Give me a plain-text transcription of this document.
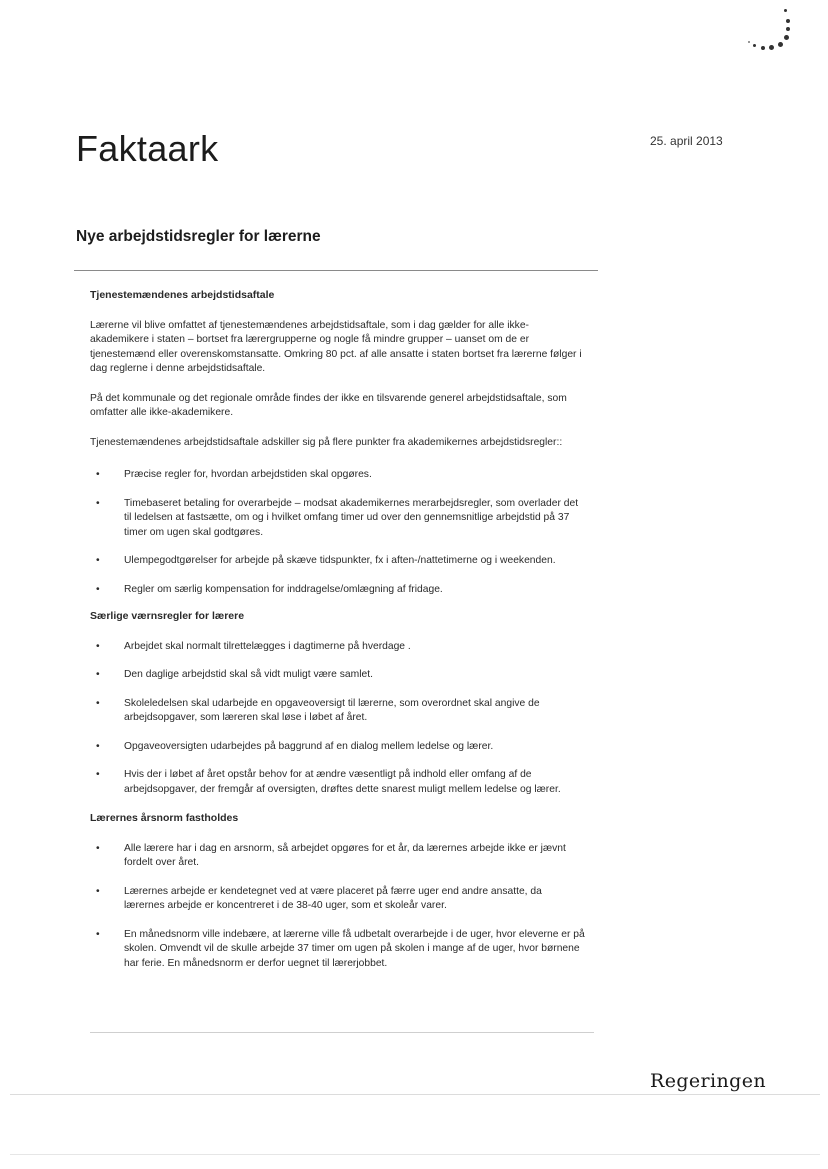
Faktaark	25. april 2013
Nye arbejdstidsregler for lærerne
Tjenestemændenes arbejdstidsaftale

Lærerne vil blive omfattet af tjenestemændenes arbejdstidsaftale, som i dag gælder for alle ikke-akademikere i staten – bortset fra lærergrupperne og nogle få mindre grupper – uanset om de er tjenestemænd eller overenskomstansatte. Omkring 80 pct. af alle ansatte i staten bortset fra lærerne følger i dag reglerne i denne arbejdstidsaftale.

På det kommunale og det regionale område findes der ikke en tilsvarende generel arbejdstidsaftale, som omfatter alle ikke-akademikere.

Tjenestemændenes arbejdstidsaftale adskiller sig på flere punkter fra akademikernes arbejdstidsregler::

• Præcise regler for, hvordan arbejdstiden skal opgøres.
• Timebaseret betaling for overarbejde – modsat akademikernes merarbejdsregler, som overlader det til ledelsen at fastsætte, om og i hvilket omfang timer ud over den gennemsnitlige arbejdstid på 37 timer om ugen skal godtgøres.
• Ulempegodtgørelser for arbejde på skæve tidspunkter, fx i aften-/nattetimerne og i weekenden.
• Regler om særlig kompensation for inddragelse/omlægning af fridage.
Særlige værnsregler for lærere
• Arbejdet skal normalt tilrettelægges i dagtimerne på hverdage .
• Den daglige arbejdstid skal så vidt muligt være samlet.
• Skoleledelsen skal udarbejde en opgaveoversigt til lærerne, som overordnet skal angive de arbejdsopgaver, som læreren skal løse i løbet af året.
• Opgaveoversigten udarbejdes på baggrund af en dialog mellem ledelse og lærer.
• Hvis der i løbet af året opstår behov for at ændre væsentligt på indhold eller omfang af de arbejdsopgaver, der fremgår af oversigten, drøftes dette snarest muligt mellem ledelse og lærer.
Lærernes årsnorm fastholdes
• Alle lærere har i dag en arsnorm, så arbejdet opgøres for et år, da lærernes arbejde ikke er jævnt fordelt over året.
• Lærernes arbejde er kendetegnet ved at være placeret på færre uger end andre ansatte, da lærernes arbejde er koncentreret i de 38-40 uger, som et skoleår varer.
• En månedsnorm ville indebære, at lærerne ville få udbetalt overarbejde i de uger, hvor eleverne er på skolen. Omvendt vil de skulle arbejde 37 timer om ugen på skolen i mange af de uger, hvor børnene har ferie. En månedsnorm er derfor uegnet til lærerjobbet.
Regeringen
